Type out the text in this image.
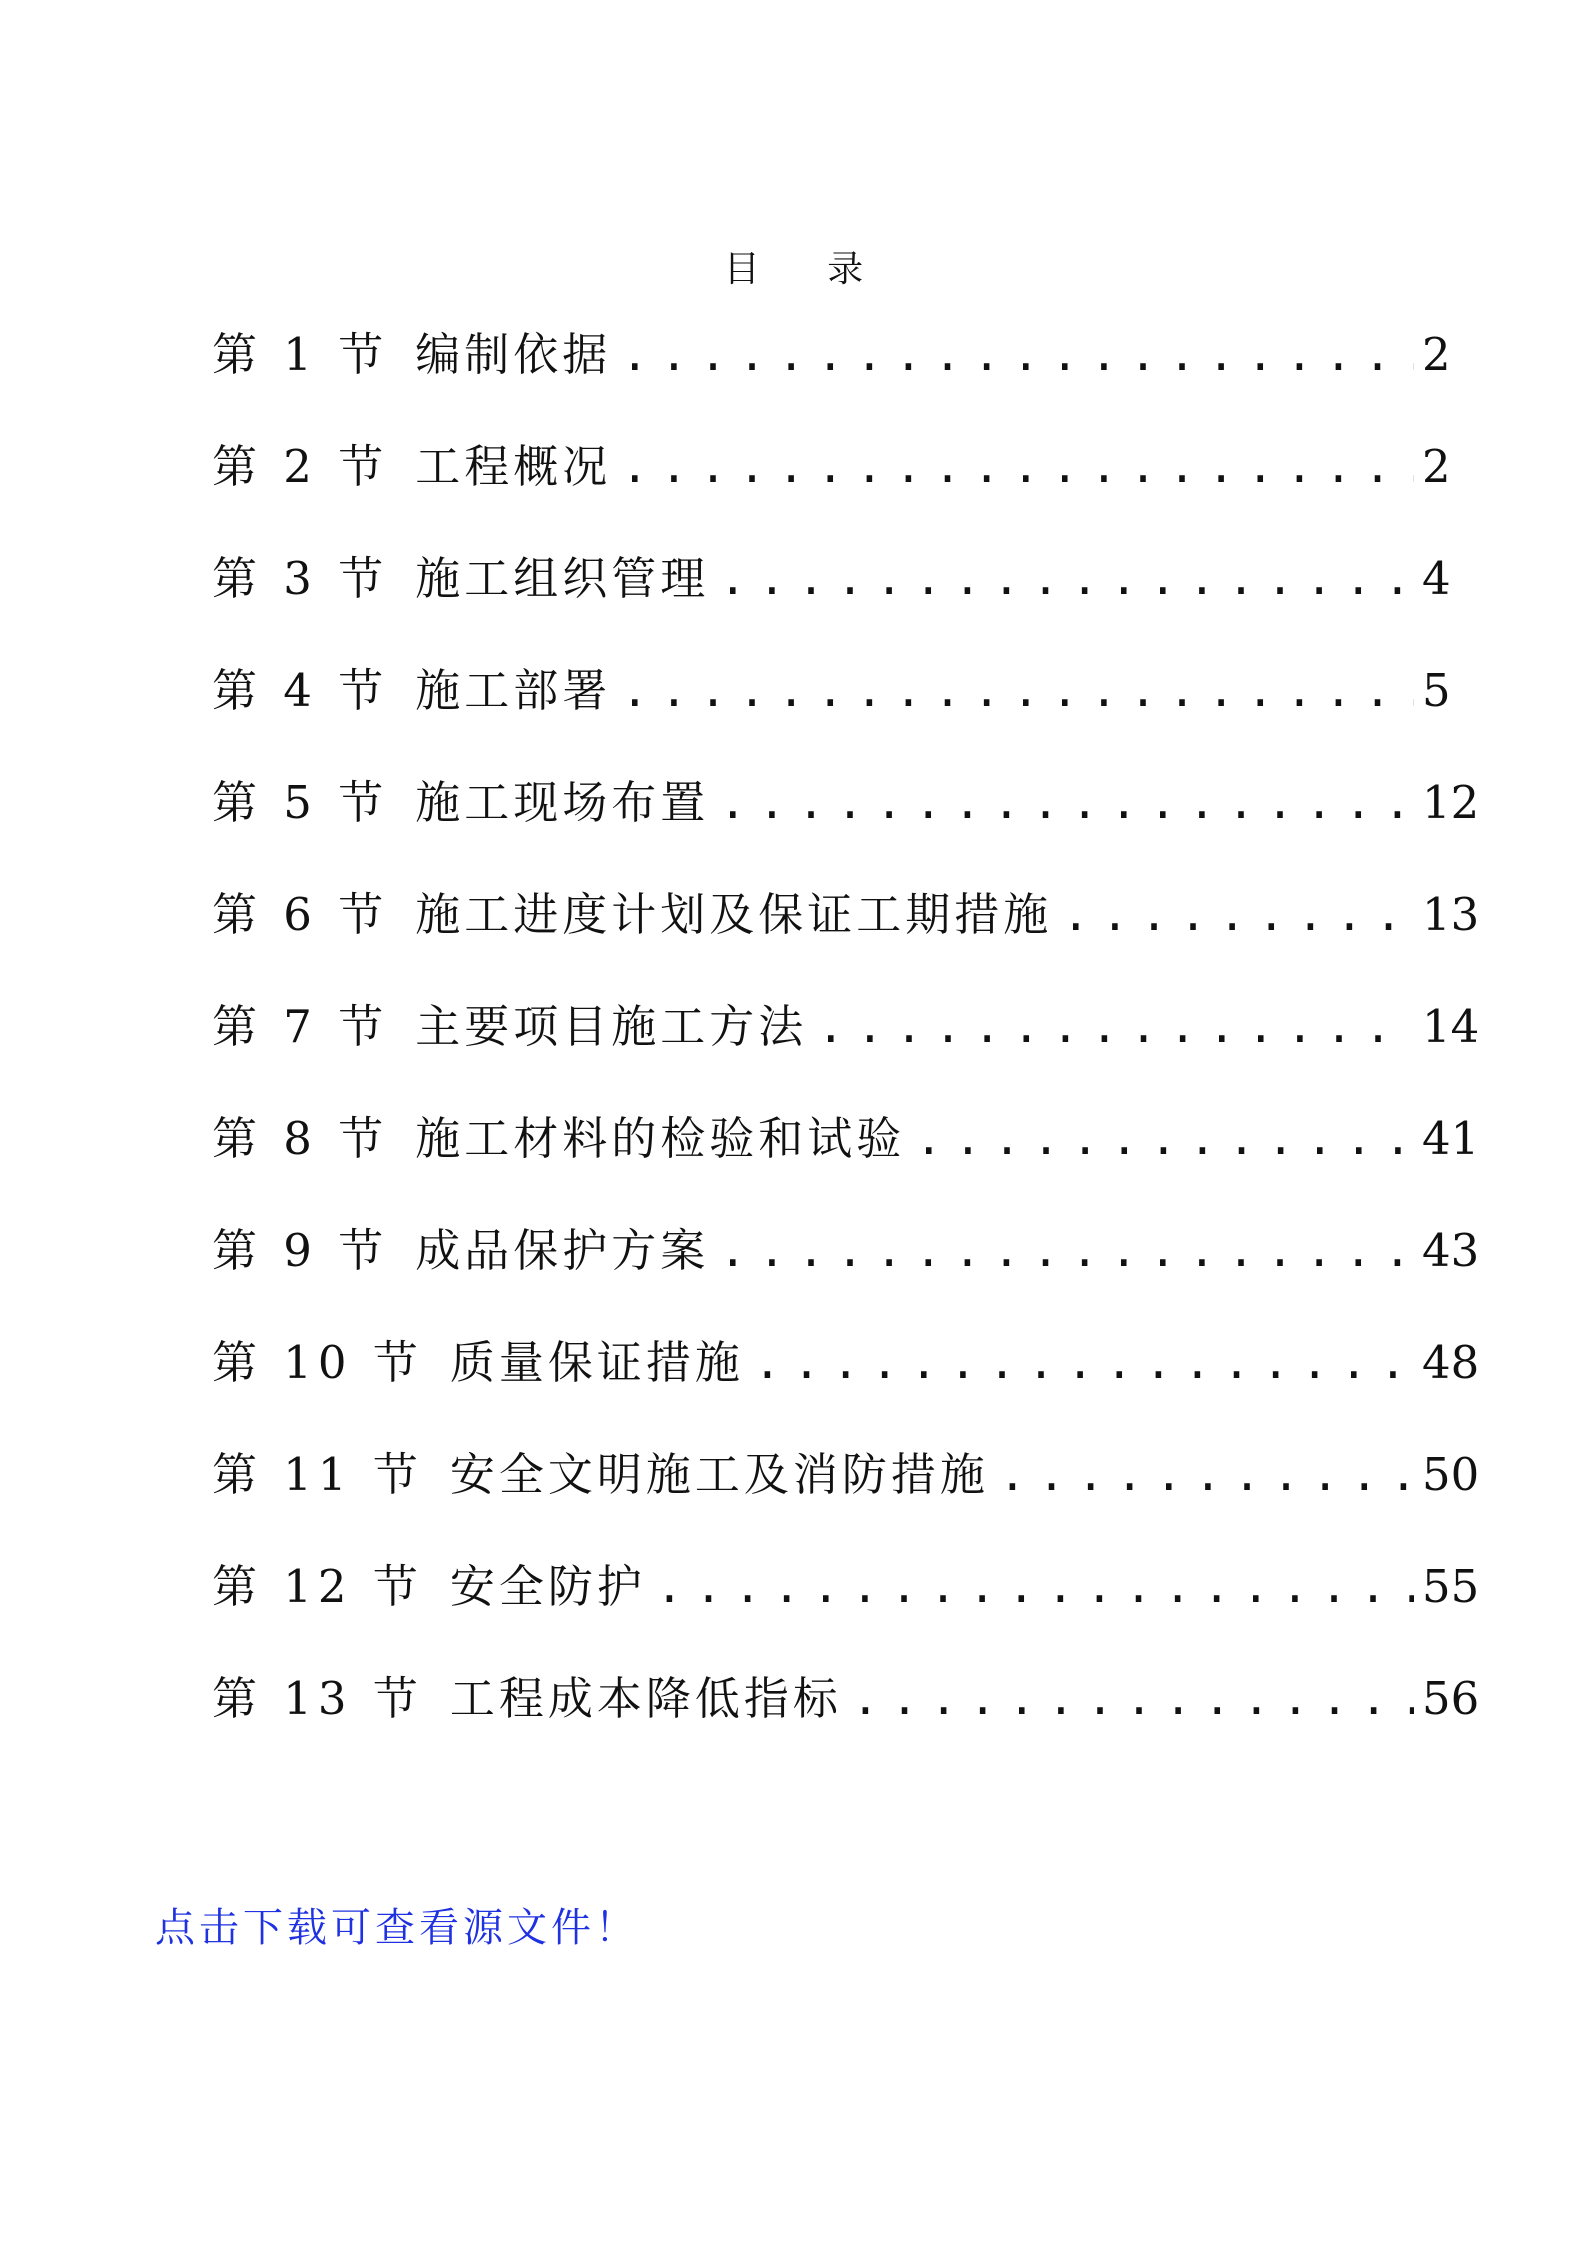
目 录
第 1 节 编制依据 .....	2
第 2 节 工程概况 .....	2
第 3 节 施工组织管理 .....	4
第 4 节 施工部署 .....	5
第 5 节 施工现场布置 .....	12
第 6 节 施工进度计划及保证工期措施 .....	13
第 7 节 主要项目施工方法 .....	14
第 8 节 施工材料的检验和试验 .....	41
第 9 节 成品保护方案 .....	43
第 10 节 质量保证措施 .....	48
第 11 节 安全文明施工及消防措施 .....	50
第 12 节 安全防护 .....	55
第 13 节 工程成本降低指标 .....	56
点击下载可查看源文件！
